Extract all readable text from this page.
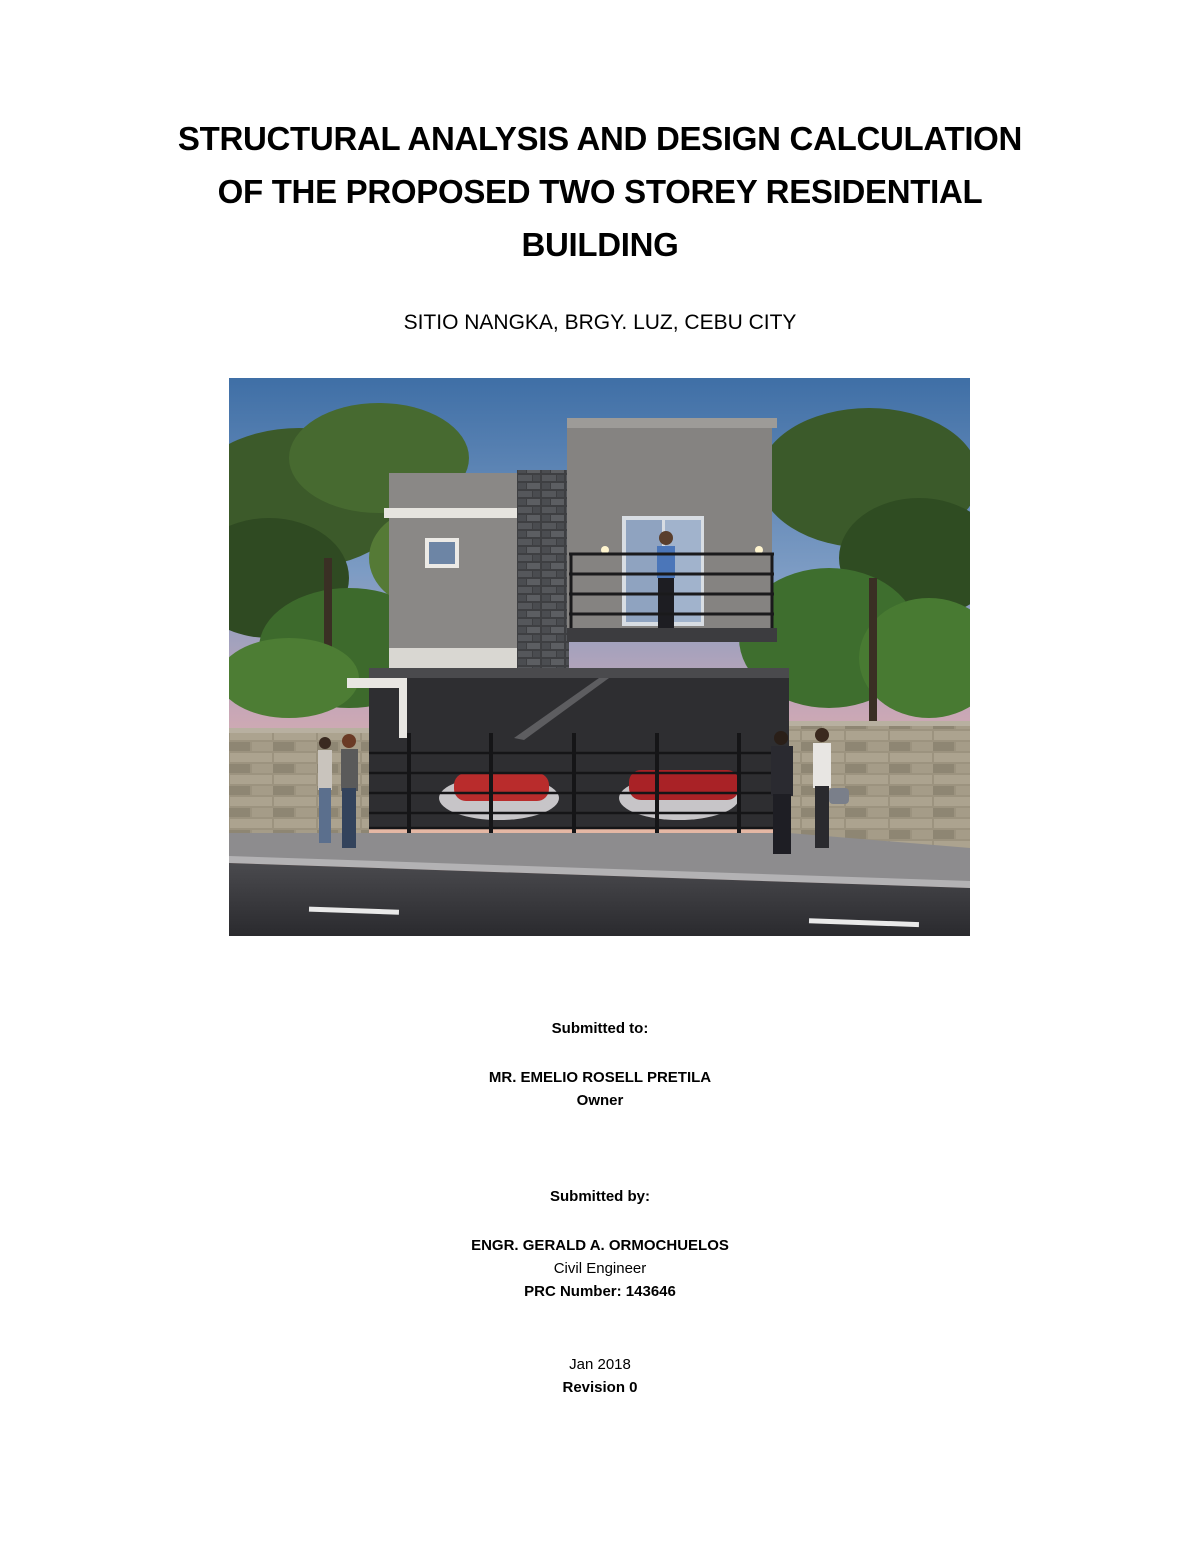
STRUCTURAL ANALYSIS AND DESIGN CALCULATION
OF THE PROPOSED TWO STOREY RESIDENTIAL
BUILDING
SITIO NANGKA, BRGY. LUZ, CEBU CITY
Submitted to:
MR. EMELIO ROSELL PRETILA
Owner
Submitted by:
ENGR. GERALD A. ORMOCHUELOS
Civil Engineer
PRC Number: 143646
Jan 2018
Revision 0
